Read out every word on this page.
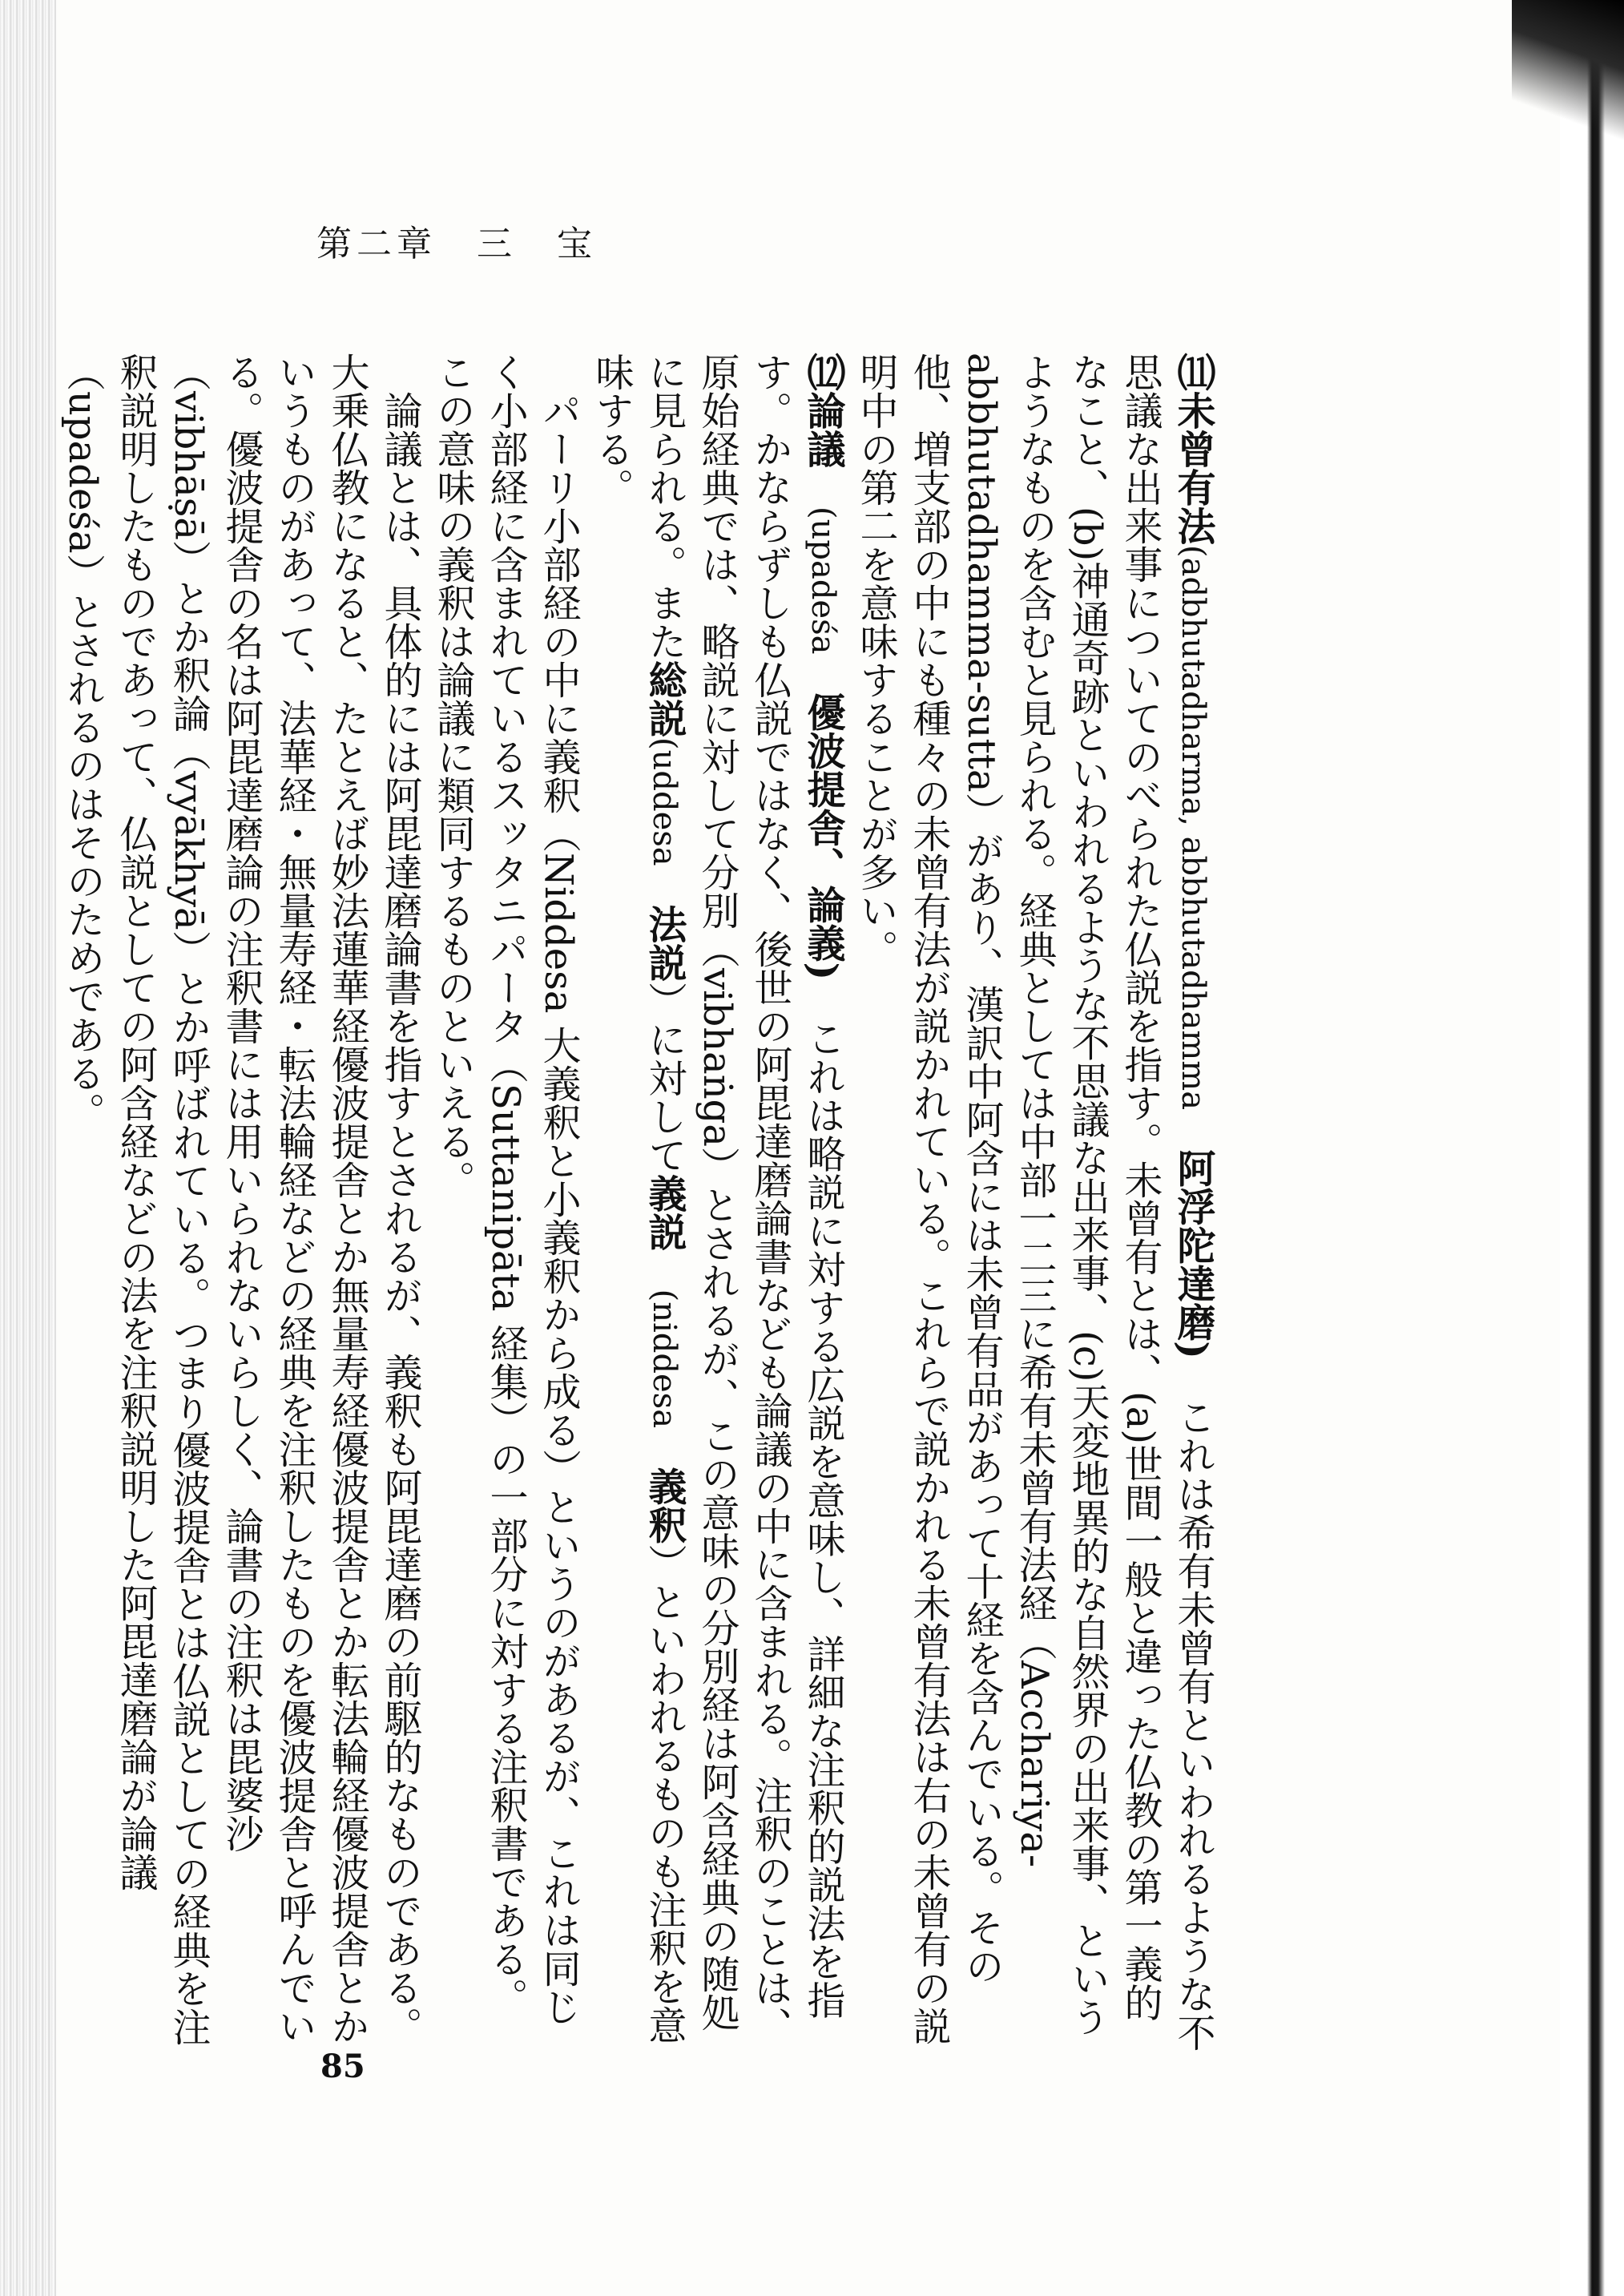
第二章　三　宝

⑾未曾有法(adbhutadharma, abbhutadhamma　阿浮陀達磨)　これは希有未曾有といわれるような不思議な出来事についてのべられた仏説を指す。未曾有とは、(a)世間一般と違った仏教の第一義的なこと、(b)神通奇跡といわれるような不思議な出来事、(c)天変地異的な自然界の出来事、というようなものを含むと見られる。経典としては中部一二三に希有未曾有法経（Acchariya-abbhutadhamma-sutta）があり、漢訳中阿含には未曾有品があって十経を含んでいる。その他、増支部の中にも種々の未曾有法が説かれている。これらで説かれる未曾有法は右の未曾有の説明中の第二を意味することが多い。

⑿論議　(upadeśa　優波提舎、論義)　これは略説に対する広説を意味し、詳細な注釈的説法を指す。かならずしも仏説ではなく、後世の阿毘達磨論書なども論議の中に含まれる。注釈のことは、原始経典では、略説に対して分別（vibhaṅga）とされるが、この意味の分別経は阿含経典の随処に見られる。また総説(uddesa　法説）に対して義説　(niddesa　義釈）といわれるものも注釈を意味する。

パーリ小部経の中に義釈（Niddesa 大義釈と小義釈から成る）というのがあるが、これは同じく小部経に含まれているスッタニパータ（Suttanipāta 経集）の一部分に対する注釈書である。この意味の義釈は論議に類同するものといえる。

論議とは、具体的には阿毘達磨論書を指すとされるが、義釈も阿毘達磨の前駆的なものである。大乗仏教になると、たとえば妙法蓮華経優波提舎とか無量寿経優波提舎とか転法輪経優波提舎とかいうものがあって、法華経・無量寿経・転法輪経などの経典を注釈したものを優波提舎と呼んでいる。優波提舎の名は阿毘達磨論の注釈書には用いられないらしく、論書の注釈は毘婆沙（vibhāṣā）とか釈論（vyākhyā）とか呼ばれている。つまり優波提舎とは仏説としての経典を注釈説明したものであって、仏説としての阿含経などの法を注釈説明した阿毘達磨論が論議（upadeśa）とされるのはそのためである。

85
